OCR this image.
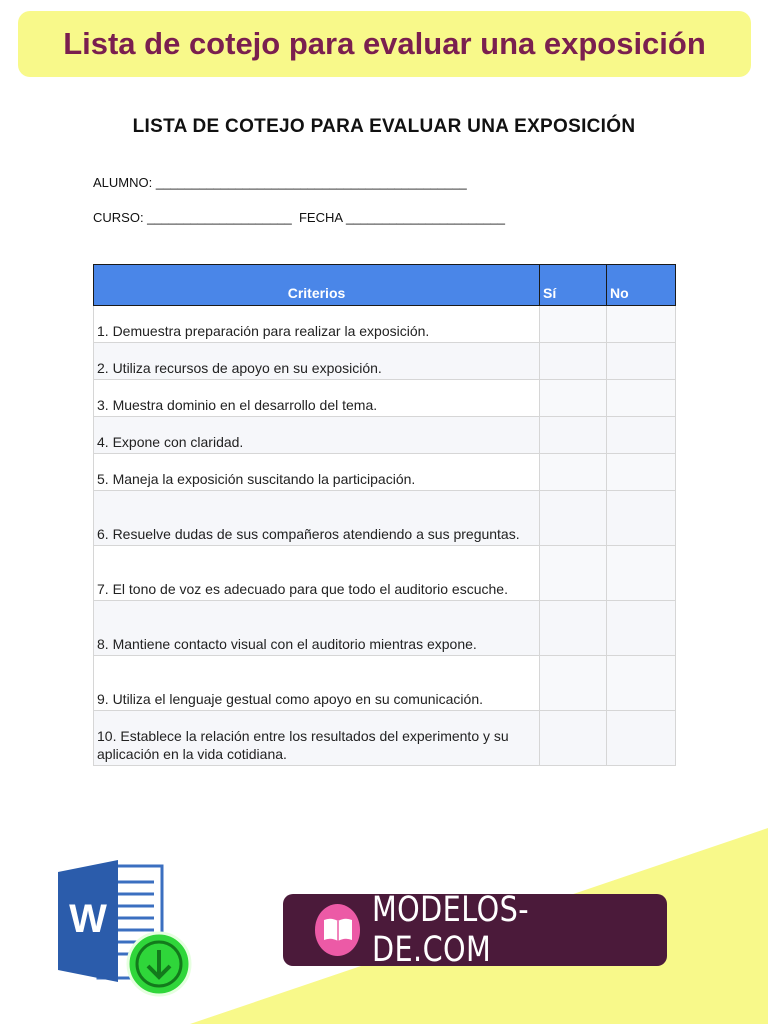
Lista de cotejo para evaluar una exposición
LISTA DE COTEJO PARA EVALUAR UNA EXPOSICIÓN
ALUMNO: ___________________________________________
CURSO: ____________________  FECHA ______________________
Criterios	Sí	No
1. Demuestra preparación para realizar la exposición.		
2. Utiliza recursos de apoyo en su exposición.		
3. Muestra dominio en el desarrollo del tema.		
4. Expone con claridad.		
5. Maneja la exposición suscitando la participación.		
6. Resuelve dudas de sus compañeros atendiendo a sus preguntas.		
7. El tono de voz es adecuado para que todo el auditorio escuche.		
8. Mantiene contacto visual con el auditorio mientras expone.		
9. Utiliza el lenguaje gestual como apoyo en su comunicación.		
10. Establece la relación entre los resultados del experimento y su aplicación en la vida cotidiana.		
W	MODELOS-DE.COM
